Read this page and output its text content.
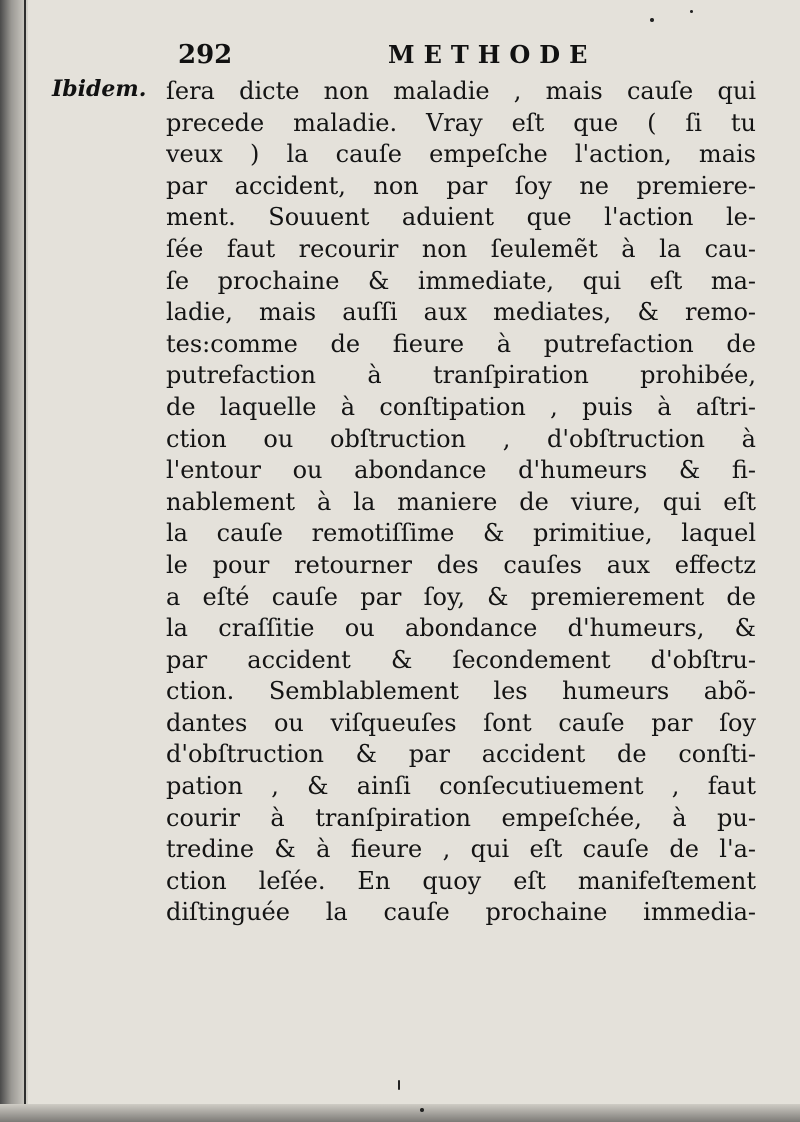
292	METHODE
Ibidem. ſera dicte non maladie , mais cauſe qui
precede maladie. Vray eſt que ( ſi tu
veux ) la cauſe empeſche l'action, mais
par accident, non par ſoy ne premiere-
ment. Souuent aduient que l'action le-
ſée faut recourir non ſeulemẽt à la cau-
ſe prochaine & immediate, qui eſt ma-
ladie, mais auſſi aux mediates, & remo-
tes:comme de fieure à putrefaction de
putrefaction à tranſpiration prohibée,
de laquelle à conſtipation , puis à aſtri-
ction ou obſtruction , d'obſtruction à
l'entour ou abondance d'humeurs & fi-
nablement à la maniere de viure, qui eſt
la cauſe remotiſſime & primitiue, laquel
le pour retourner des cauſes aux effectz
a eſté cauſe par ſoy, & premierement de
la craſſitie ou abondance d'humeurs, &
par accident & ſecondement d'obſtru-
ction. Semblablement les humeurs abõ-
dantes ou viſqueuſes ſont cauſe par ſoy
d'obſtruction & par accident de conſti-
pation , & ainſi conſecutiuement , faut
courir à tranſpiration empeſchée, à pu-
tredine & à fieure , qui eſt cauſe de l'a-
ction leſée. En quoy eſt manifeſtement
diſtinguée la cauſe prochaine immedia-
